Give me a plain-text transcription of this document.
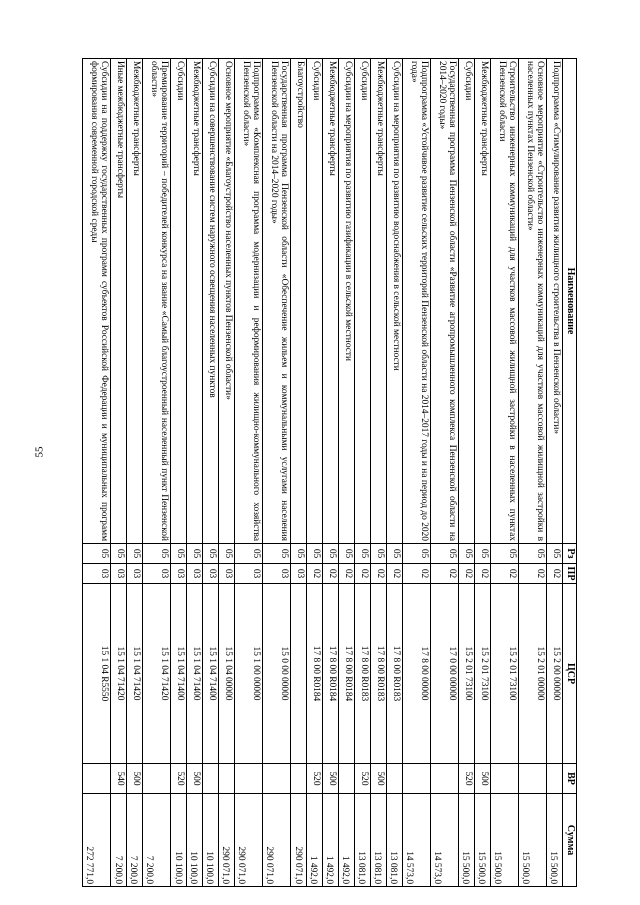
55
Наименование	Рз	ПР	ЦСР	ВР	Сумма
Подпрограмма «Стимулирование развития жилищного строительства в Пензенской области»	05	02	15 2 00 00000		15 500,0
Основное мероприятие «Строительство инженерных коммуникаций для участков массовой жилищной застройки в населенных пунктах Пензенской области»	05	02	15 2 01 00000		15 500,0
Строительство инженерных коммуникаций для участков массовой жилищной застройки в населенных пунктах Пензенской области	05	02	15 2 01 73100		15 500,0
Межбюджетные трансферты	05	02	15 2 01 73100	500	15 500,0
Субсидии	05	02	15 2 01 73100	520	15 500,0
Государственная программа Пензенской области «Развитие агропромышленного комплекса Пензенской области на 2014–2020 годы»	05	02	17 0 00 00000		14 573,0
Подпрограмма «Устойчивое развитие сельских территорий Пензенской области на 2014–2017 годы и на период до 2020 года»	05	02	17 8 00 00000		14 573,0
Субсидии на мероприятия по развитию водоснабжения в сельской местности	05	02	17 8 00 R0183		13 081,0
Межбюджетные трансферты	05	02	17 8 00 R0183	500	13 081,0
Субсидии	05	02	17 8 00 R0183	520	13 081,0
Субсидии на мероприятия по развитию газификации в сельской местности	05	02	17 8 00 R0184		1 492,0
Межбюджетные трансферты	05	02	17 8 00 R0184	500	1 492,0
Субсидии	05	02	17 8 00 R0184	520	1 492,0
Благоустройство	05	03			290 071,0
Государственная программа Пензенской области «Обеспечение жильем и коммунальными услугами населения Пензенской области на 2014–2020 годы»	05	03	15 0 00 00000		290 071,0
Подпрограмма «Комплексная программа модернизации и реформирования жилищно-коммунального хозяйства Пензенской области»	05	03	15 1 00 00000		290 071,0
Основное мероприятие «Благоустройство населенных пунктов Пензенской области»	05	03	15 1 04 00000		290 071,0
Субсидии на совершенствование систем наружного освещения населенных пунктов	05	03	15 1 04 71400		10 100,0
Межбюджетные трансферты	05	03	15 1 04 71400	500	10 100,0
Субсидии	05	03	15 1 04 71400	520	10 100,0
Премирование территорий – победителей конкурса на звание «Самый благоустроенный населенный пункт Пензенской области»	05	03	15 1 04 71420		7 200,0
Межбюджетные трансферты	05	03	15 1 04 71420	500	7 200,0
Иные межбюджетные трансферты	05	03	15 1 04 71420	540	7 200,0
Субсидии на поддержку государственных программ субъектов Российской Федерации и муниципальных программ формирования современной городской среды	05	03	15 1 04 R5550		272 771,0
